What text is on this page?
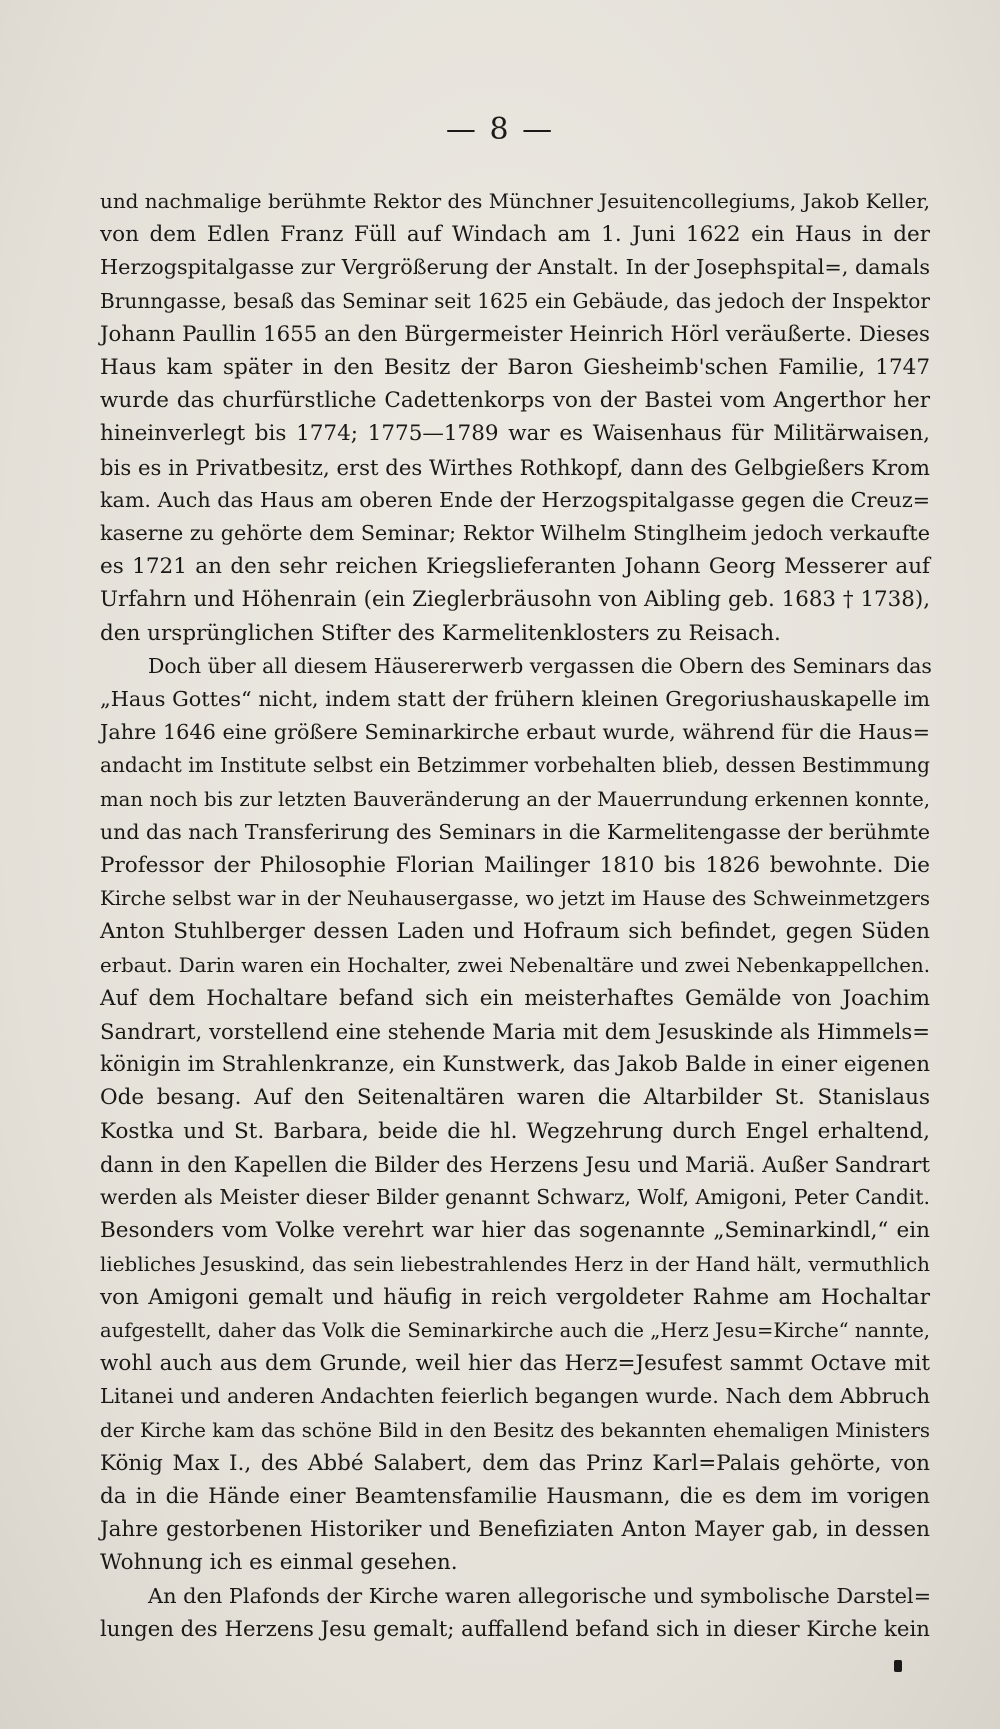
— 8 —
und nachmalige berühmte Rektor des Münchner Jesuitencollegiums, Jakob Keller,
von dem Edlen Franz Füll auf Windach am 1. Juni 1622 ein Haus in der
Herzogspitalgasse zur Vergrößerung der Anstalt. In der Josephspital=, damals
Brunngasse, besaß das Seminar seit 1625 ein Gebäude, das jedoch der Inspektor
Johann Paullin 1655 an den Bürgermeister Heinrich Hörl veräußerte. Dieses
Haus kam später in den Besitz der Baron Giesheimb'schen Familie, 1747
wurde das churfürstliche Cadettenkorps von der Bastei vom Angerthor her
hineinverlegt bis 1774; 1775—1789 war es Waisenhaus für Militärwaisen,
bis es in Privatbesitz, erst des Wirthes Rothkopf, dann des Gelbgießers Krom
kam. Auch das Haus am oberen Ende der Herzogspitalgasse gegen die Creuz=
kaserne zu gehörte dem Seminar; Rektor Wilhelm Stinglheim jedoch verkaufte
es 1721 an den sehr reichen Kriegslieferanten Johann Georg Messerer auf
Urfahrn und Höhenrain (ein Zieglerbräusohn von Aibling geb. 1683 † 1738),
den ursprünglichen Stifter des Karmelitenklosters zu Reisach.
Doch über all diesem Häusererwerb vergassen die Obern des Seminars das
„Haus Gottes“ nicht, indem statt der frühern kleinen Gregoriushauskapelle im
Jahre 1646 eine größere Seminarkirche erbaut wurde, während für die Haus=
andacht im Institute selbst ein Betzimmer vorbehalten blieb, dessen Bestimmung
man noch bis zur letzten Bauveränderung an der Mauerrundung erkennen konnte,
und das nach Transferirung des Seminars in die Karmelitengasse der berühmte
Professor der Philosophie Florian Mailinger 1810 bis 1826 bewohnte. Die
Kirche selbst war in der Neuhausergasse, wo jetzt im Hause des Schweinmetzgers
Anton Stuhlberger dessen Laden und Hofraum sich befindet, gegen Süden
erbaut. Darin waren ein Hochalter, zwei Nebenaltäre und zwei Nebenkappellchen.
Auf dem Hochaltare befand sich ein meisterhaftes Gemälde von Joachim
Sandrart, vorstellend eine stehende Maria mit dem Jesuskinde als Himmels=
königin im Strahlenkranze, ein Kunstwerk, das Jakob Balde in einer eigenen
Ode besang. Auf den Seitenaltären waren die Altarbilder St. Stanislaus
Kostka und St. Barbara, beide die hl. Wegzehrung durch Engel erhaltend,
dann in den Kapellen die Bilder des Herzens Jesu und Mariä. Außer Sandrart
werden als Meister dieser Bilder genannt Schwarz, Wolf, Amigoni, Peter Candit.
Besonders vom Volke verehrt war hier das sogenannte „Seminarkindl,“ ein
liebliches Jesuskind, das sein liebestrahlendes Herz in der Hand hält, vermuthlich
von Amigoni gemalt und häufig in reich vergoldeter Rahme am Hochaltar
aufgestellt, daher das Volk die Seminarkirche auch die „Herz Jesu=Kirche“ nannte,
wohl auch aus dem Grunde, weil hier das Herz=Jesufest sammt Octave mit
Litanei und anderen Andachten feierlich begangen wurde. Nach dem Abbruch
der Kirche kam das schöne Bild in den Besitz des bekannten ehemaligen Ministers
König Max I., des Abbé Salabert, dem das Prinz Karl=Palais gehörte, von
da in die Hände einer Beamtensfamilie Hausmann, die es dem im vorigen
Jahre gestorbenen Historiker und Benefiziaten Anton Mayer gab, in dessen
Wohnung ich es einmal gesehen.
An den Plafonds der Kirche waren allegorische und symbolische Darstel=
lungen des Herzens Jesu gemalt; auffallend befand sich in dieser Kirche kein
